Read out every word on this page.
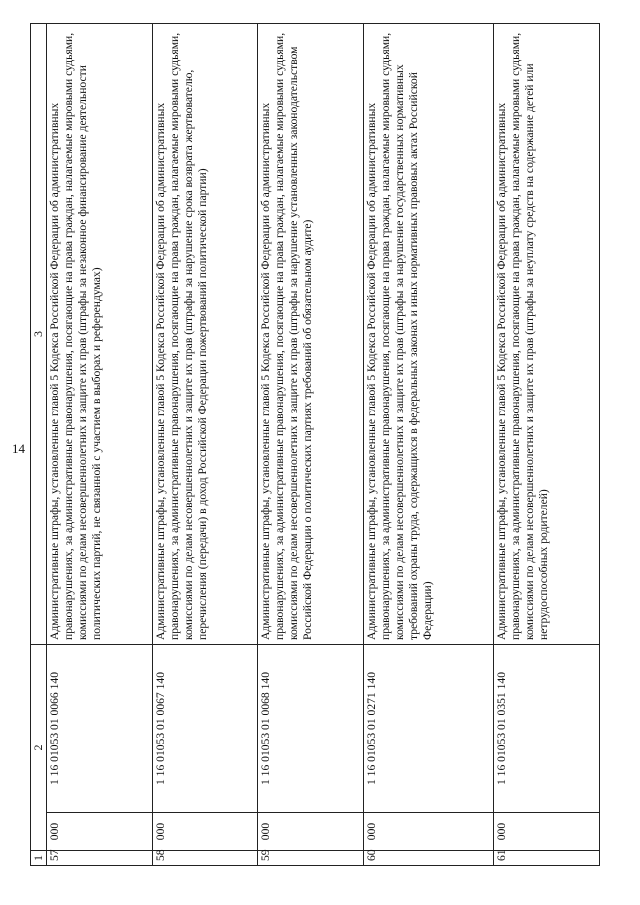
14
1	2		3
57	000	1 16 01053 01 0066 140	Административные штрафы, установленные главой 5 Кодекса Российской Федерации об административных правонарушениях, за административные правонарушения, посягающие на права граждан, налагаемые мировыми судьями, комиссиями по делам несовершеннолетних и защите их прав (штрафы за незаконное финансирование деятельности политических партий, не связанной с участием в выборах и референдумах)
58	000	1 16 01053 01 0067 140	Административные штрафы, установленные главой 5 Кодекса Российской Федерации об административных правонарушениях, за административные правонарушения, посягающие на права граждан, налагаемые мировыми судьями, комиссиями по делам несовершеннолетних и защите их прав (штрафы за нарушение срока возврата жертвователю, перечисления (передачи) в доход Российской Федерации пожертвований политической партии)
59	000	1 16 01053 01 0068 140	Административные штрафы, установленные главой 5 Кодекса Российской Федерации об административных правонарушениях, за административные правонарушения, посягающие на права граждан, налагаемые мировыми судьями, комиссиями по делам несовершеннолетних и защите их прав (штрафы за нарушение установленных законодательством Российской Федерации о политических партиях требований об обязательном аудите)
60	000	1 16 01053 01 0271 140	Административные штрафы, установленные главой 5 Кодекса Российской Федерации об административных правонарушениях, за административные правонарушения, посягающие на права граждан, налагаемые мировыми судьями, комиссиями по делам несовершеннолетних и защите их прав (штрафы за нарушение государственных нормативных требований охраны труда, содержащихся в федеральных законах и иных нормативных правовых актах Российской Федерации)
61	000	1 16 01053 01 0351 140	Административные штрафы, установленные главой 5 Кодекса Российской Федерации об административных правонарушениях, за административные правонарушения, посягающие на права граждан, налагаемые мировыми судьями, комиссиями по делам несовершеннолетних и защите их прав (штрафы за неуплату средств на содержание детей или нетрудоспособных родителей)
